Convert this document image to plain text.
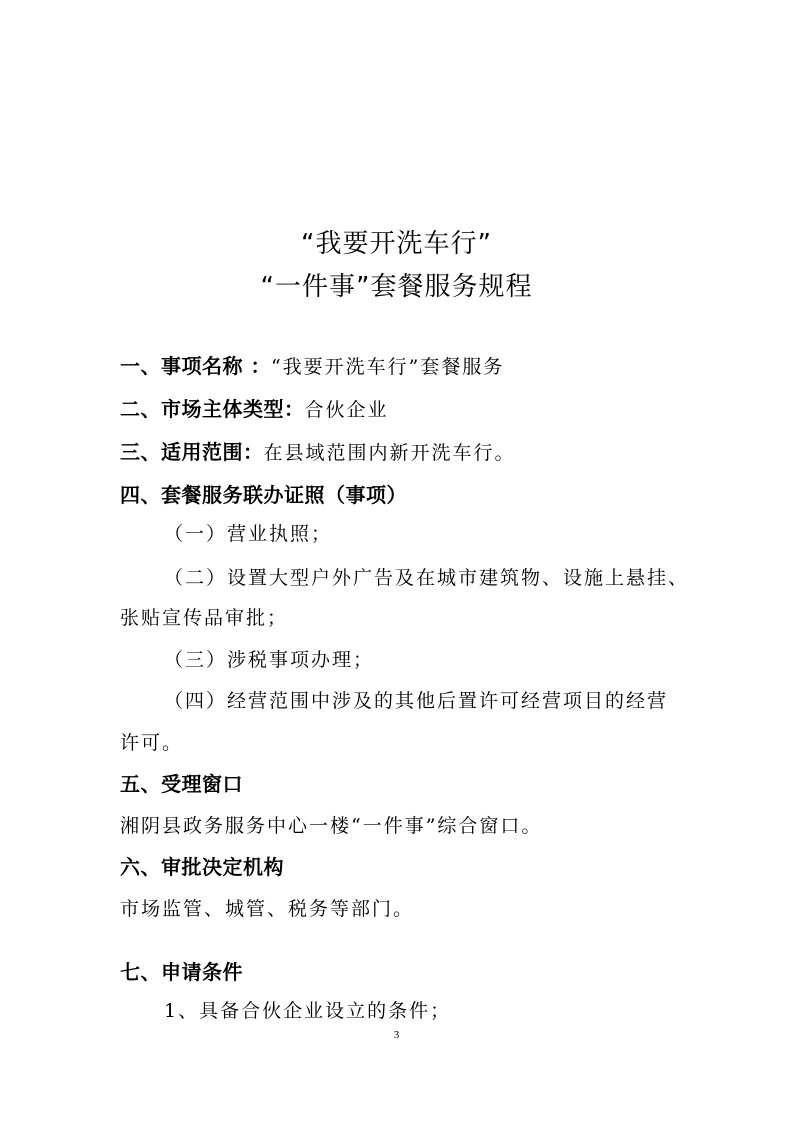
“我要开洗车行”
“一件事”套餐服务规程
一、事项名称 ：“我要开洗车行”套餐服务
二、市场主体类型：合伙企业
三、适用范围：在县域范围内新开洗车行。
四、套餐服务联办证照（事项）
（一）营业执照；
（二）设置大型户外广告及在城市建筑物、设施上悬挂、
张贴宣传品审批；
（三）涉税事项办理；
（四）经营范围中涉及的其他后置许可经营项目的经营
许可。
五、受理窗口
湘阴县政务服务中心一楼“一件事”综合窗口。
六、审批决定机构
市场监管、城管、税务等部门。
七、申请条件
1、具备合伙企业设立的条件；
3
